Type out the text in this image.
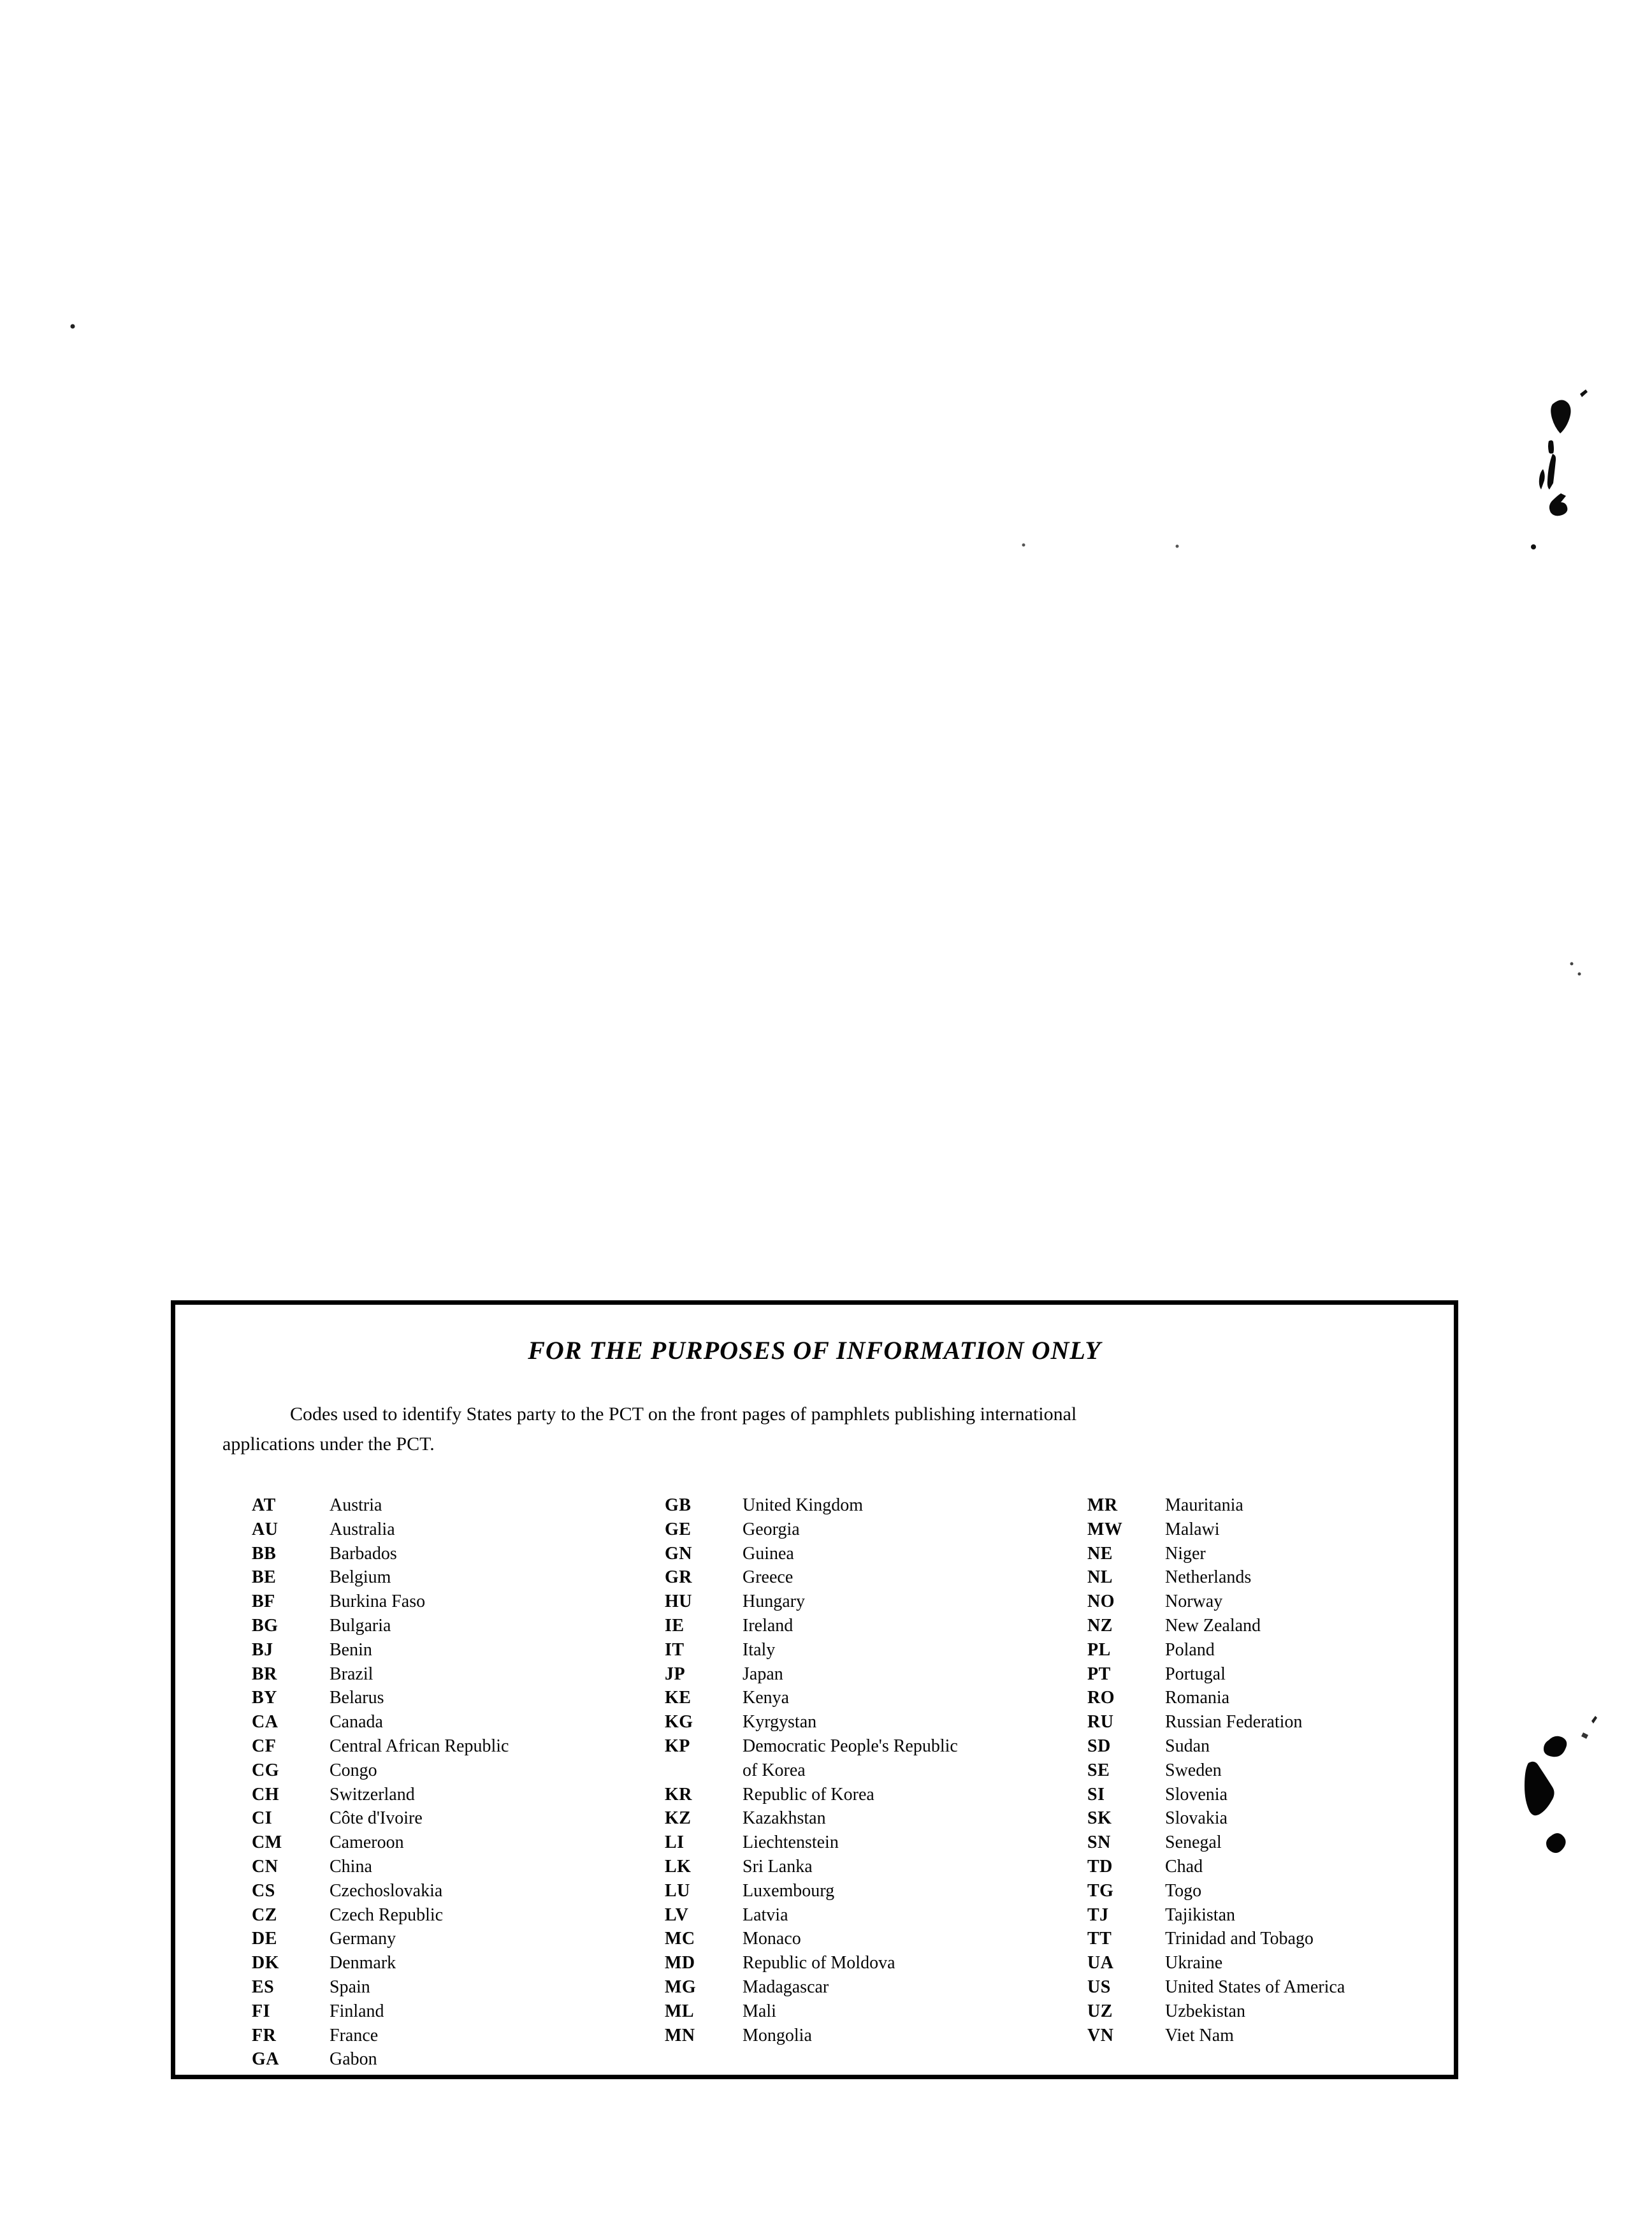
FOR THE PURPOSES OF INFORMATION ONLY
Codes used to identify States party to the PCT on the front pages of pamphlets publishing international
applications under the PCT.
AT	Austria
AU	Australia
BB	Barbados
BE	Belgium
BF	Burkina Faso
BG	Bulgaria
BJ	Benin
BR	Brazil
BY	Belarus
CA	Canada
CF	Central African Republic
CG	Congo
CH	Switzerland
CI	Côte d'Ivoire
CM	Cameroon
CN	China
CS	Czechoslovakia
CZ	Czech Republic
DE	Germany
DK	Denmark
ES	Spain
FI	Finland
FR	France
GA	Gabon
GB	United Kingdom
GE	Georgia
GN	Guinea
GR	Greece
HU	Hungary
IE	Ireland
IT	Italy
JP	Japan
KE	Kenya
KG	Kyrgystan
KP	Democratic People's Republic
of Korea
KR	Republic of Korea
KZ	Kazakhstan
LI	Liechtenstein
LK	Sri Lanka
LU	Luxembourg
LV	Latvia
MC	Monaco
MD	Republic of Moldova
MG	Madagascar
ML	Mali
MN	Mongolia
MR	Mauritania
MW	Malawi
NE	Niger
NL	Netherlands
NO	Norway
NZ	New Zealand
PL	Poland
PT	Portugal
RO	Romania
RU	Russian Federation
SD	Sudan
SE	Sweden
SI	Slovenia
SK	Slovakia
SN	Senegal
TD	Chad
TG	Togo
TJ	Tajikistan
TT	Trinidad and Tobago
UA	Ukraine
US	United States of America
UZ	Uzbekistan
VN	Viet Nam
